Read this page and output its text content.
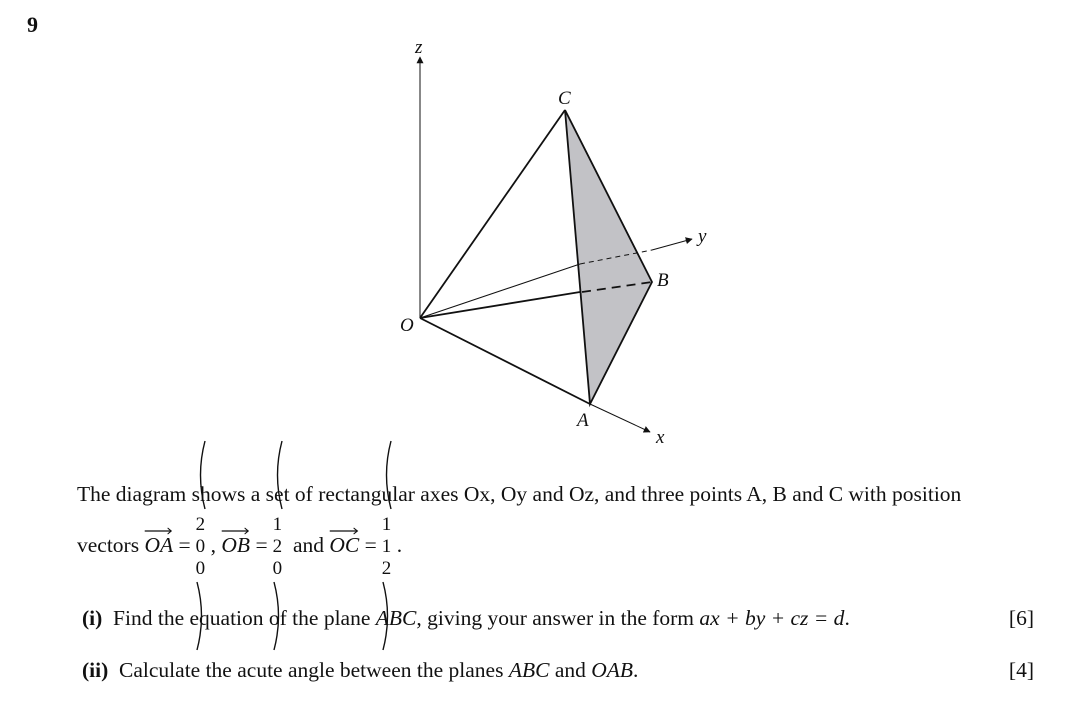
9
z
C
y
B
O
A
x
The diagram shows a set of rectangular axes Ox, Oy and Oz, and three points A, B and C with position
vectors
OA
=
2
0
0
,
OB
=
1
2
0

and
OC
=
1
1
2
.
(i) Find the equation of the plane ABC, giving your answer in the form ax + by + cz = d.	[6]
(ii) Calculate the acute angle between the planes ABC and OAB.	[4]
